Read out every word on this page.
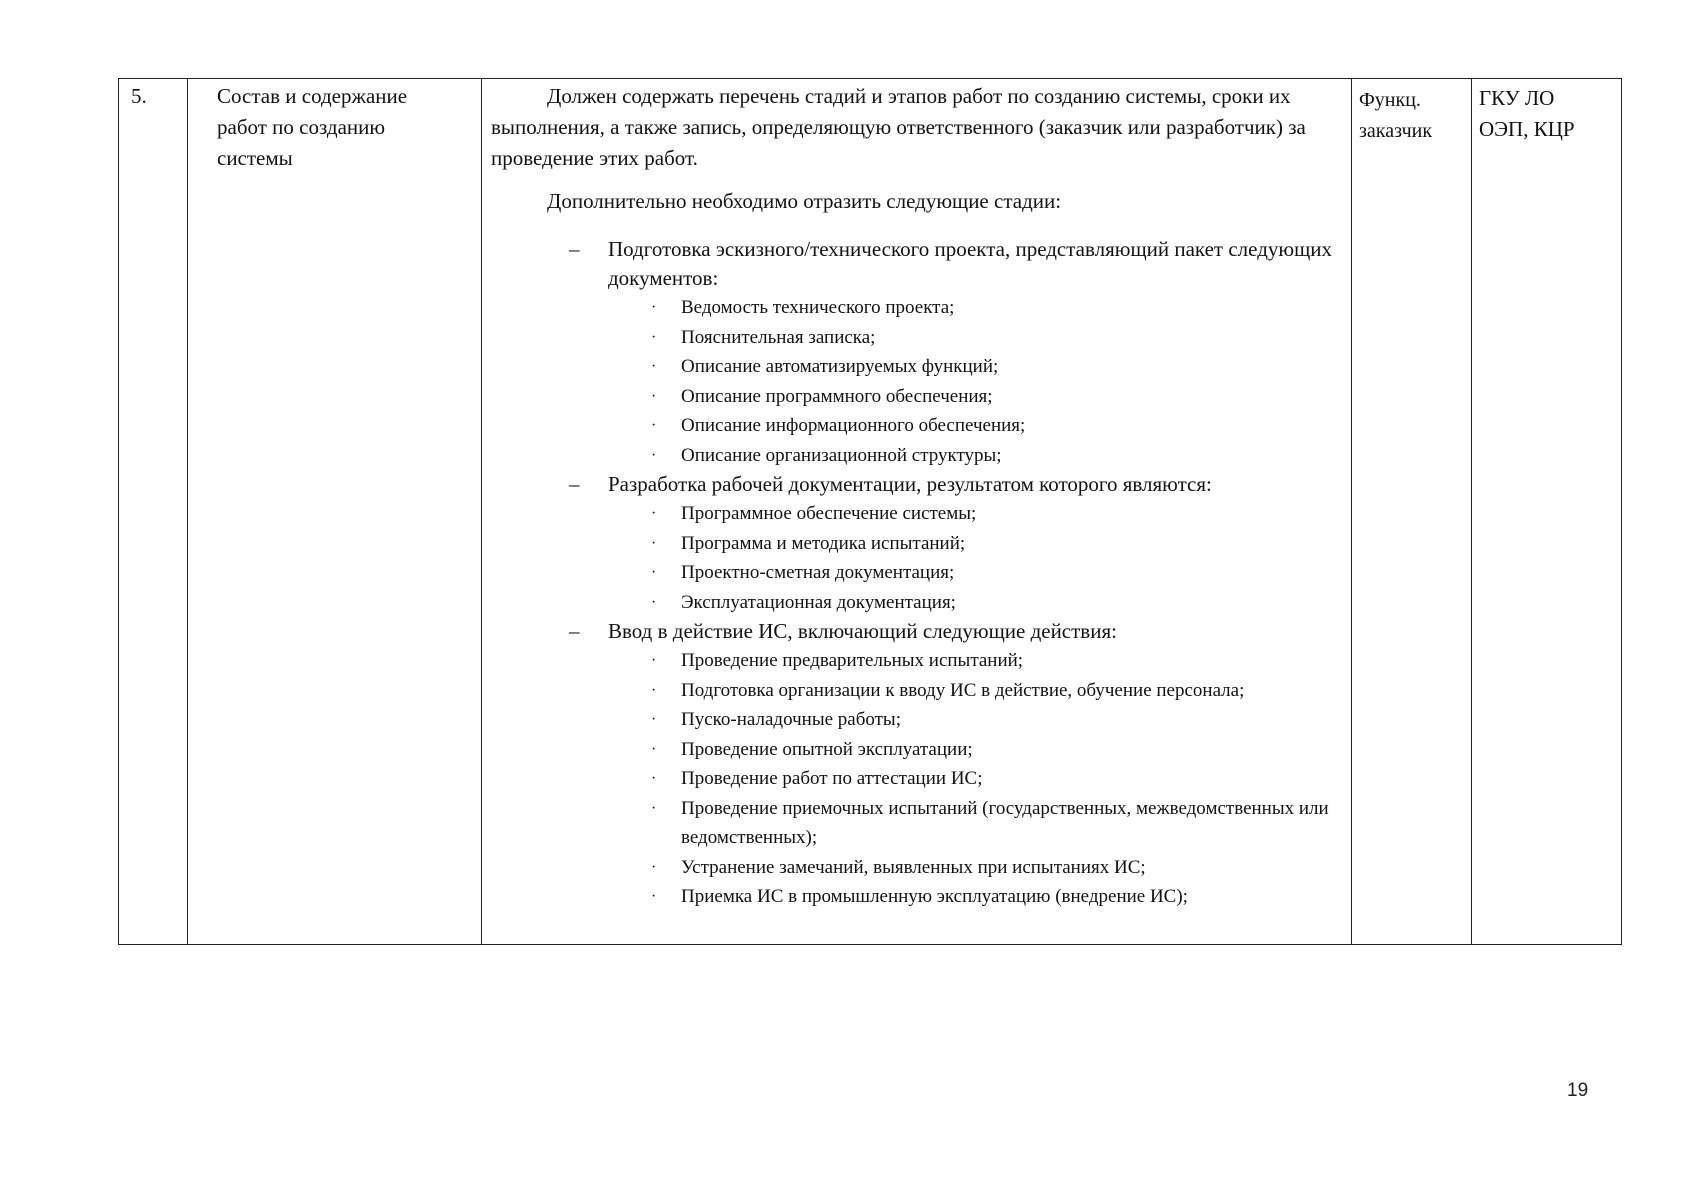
5.	Состав и содержание
работ по созданию
системы

Должен содержать перечень стадий и этапов работ по созданию системы, сроки их выполнения, а также запись, определяющую ответственного (заказчик или разработчик) за проведение этих работ.

Дополнительно необходимо отразить следующие стадии:

– Подготовка эскизного/технического проекта, представляющий пакет следующих документов:
· Ведомость технического проекта;
· Пояснительная записка;
· Описание автоматизируемых функций;
· Описание программного обеспечения;
· Описание информационного обеспечения;
· Описание организационной структуры;
– Разработка рабочей документации, результатом которого являются:
· Программное обеспечение системы;
· Программа и методика испытаний;
· Проектно-сметная документация;
· Эксплуатационная документация;
– Ввод в действие ИС, включающий следующие действия:
· Проведение предварительных испытаний;
· Подготовка организации к вводу ИС в действие, обучение персонала;
· Пуско-наладочные работы;
· Проведение опытной эксплуатации;
· Проведение работ по аттестации ИС;
· Проведение приемочных испытаний (государственных, межведомственных или ведомственных);
· Устранение замечаний, выявленных при испытаниях ИС;
· Приемка ИС в промышленную эксплуатацию (внедрение ИС);
Функц.
заказчик
ГКУ ЛО
ОЭП, КЦР
19
